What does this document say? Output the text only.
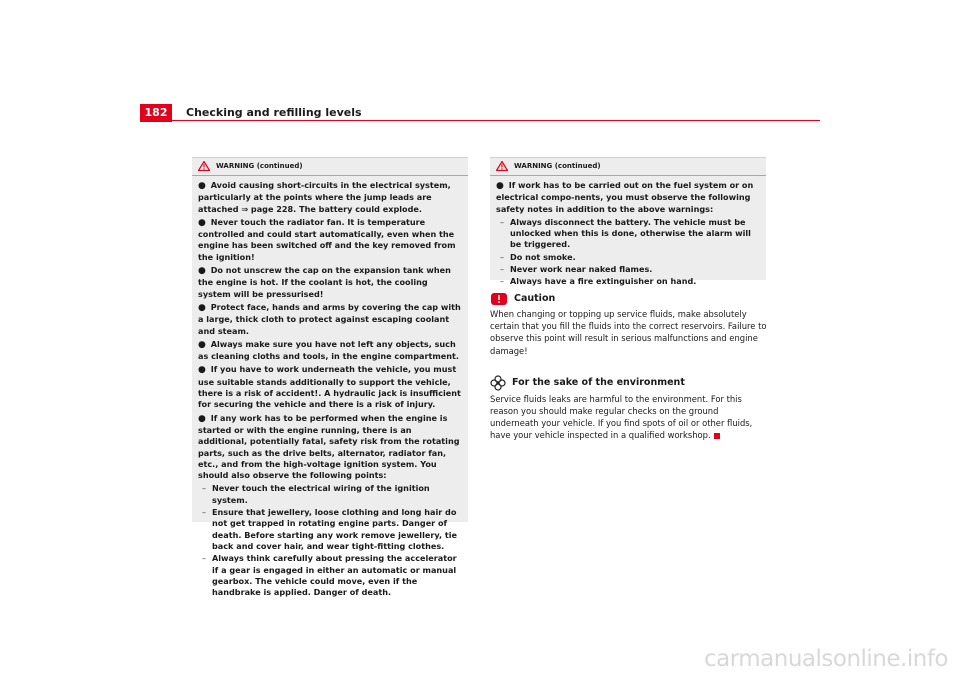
182	Checking and refilling levels
WARNING (continued)
● Avoid causing short-circuits in the electrical system, particularly at the points where the jump leads are attached ⇒ page 228. The battery could explode.
● Never touch the radiator fan. It is temperature controlled and could start automatically, even when the engine has been switched off and the key removed from the ignition!
● Do not unscrew the cap on the expansion tank when the engine is hot. If the coolant is hot, the cooling system will be pressurised!
● Protect face, hands and arms by covering the cap with a large, thick cloth to protect against escaping coolant and steam.
● Always make sure you have not left any objects, such as cleaning cloths and tools, in the engine compartment.
● If you have to work underneath the vehicle, you must use suitable stands additionally to support the vehicle, there is a risk of accident!. A hydraulic jack is insufficient for securing the vehicle and there is a risk of injury.
● If any work has to be performed when the engine is started or with the engine running, there is an additional, potentially fatal, safety risk from the rotating parts, such as the drive belts, alternator, radiator fan, etc., and from the high-voltage ignition system. You should also observe the following points:
– Never touch the electrical wiring of the ignition system.
– Ensure that jewellery, loose clothing and long hair do not get trapped in rotating engine parts. Danger of death. Before starting any work remove jewellery, tie back and cover hair, and wear tight-fitting clothes.
– Always think carefully about pressing the accelerator if a gear is engaged in either an automatic or manual gearbox. The vehicle could move, even if the handbrake is applied. Danger of death.
WARNING (continued)
● If work has to be carried out on the fuel system or on electrical compo-nents, you must observe the following safety notes in addition to the above warnings:
– Always disconnect the battery. The vehicle must be unlocked when this is done, otherwise the alarm will be triggered.
– Do not smoke.
– Never work near naked flames.
– Always have a fire extinguisher on hand.
Caution

When changing or topping up service fluids, make absolutely certain that you fill the fluids into the correct reservoirs. Failure to observe this point will result in serious malfunctions and engine damage!

For the sake of the environment

Service fluids leaks are harmful to the environment. For this reason you should make regular checks on the ground underneath your vehicle. If you find spots of oil or other fluids, have your vehicle inspected in a qualified workshop.

carmanualsonline.info
